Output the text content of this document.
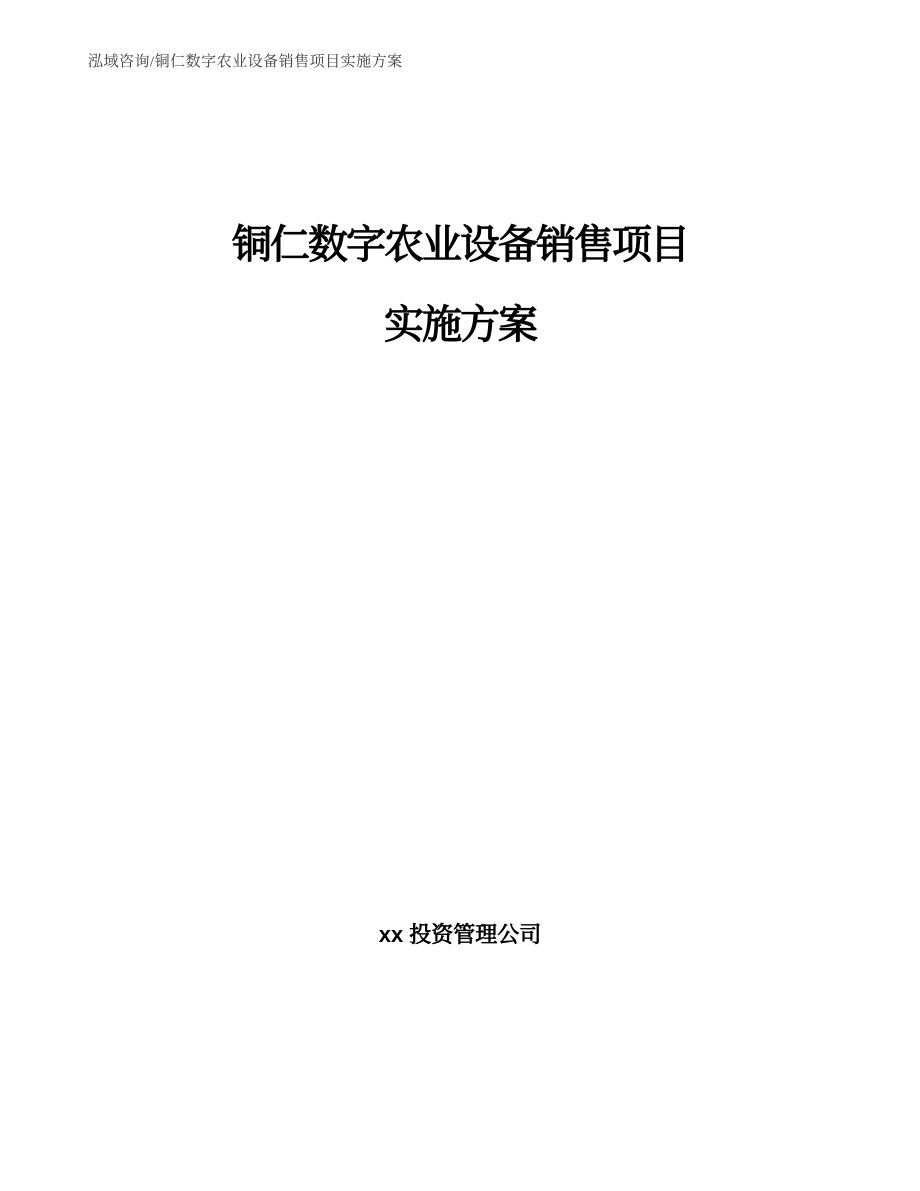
泓域咨询/铜仁数字农业设备销售项目实施方案
铜仁数字农业设备销售项目
实施方案
xx 投资管理公司
